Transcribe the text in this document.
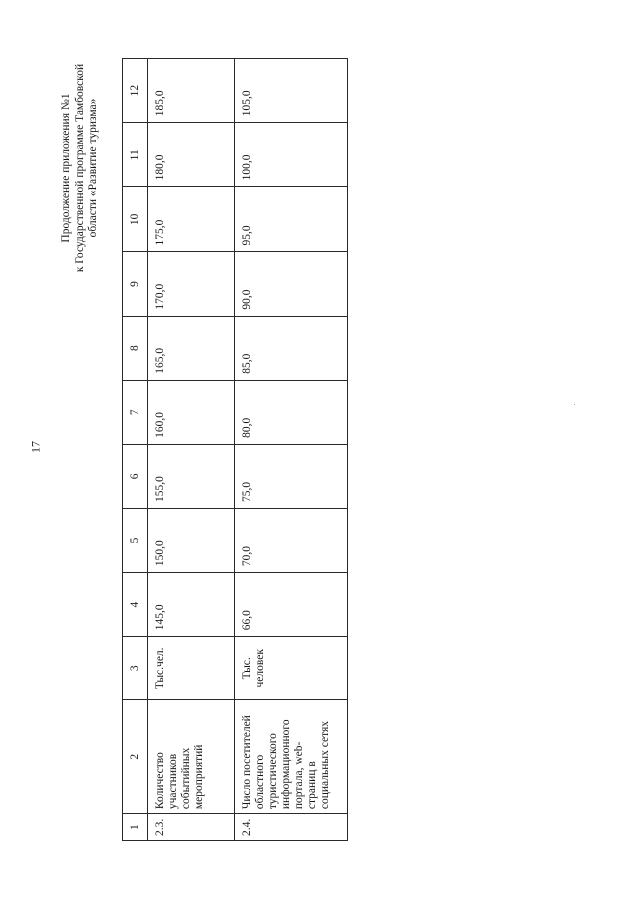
17
Продолжение приложения №1 к Государственной программе Тамбовской области «Развитие туризма»
1	2	3	4	5	6	7	8	9	10	11	12
2.3.	Количество участников событийных мероприятий	Тыс.чел.	145,0	150,0	155,0	160,0	165,0	170,0	175,0	180,0	185,0
2.4.	Число посетителей областного туристического информационного портала, web-страниц в социальных сетях	Тыс. человек	66,0	70,0	75,0	80,0	85,0	90,0	95,0	100,0	105,0
